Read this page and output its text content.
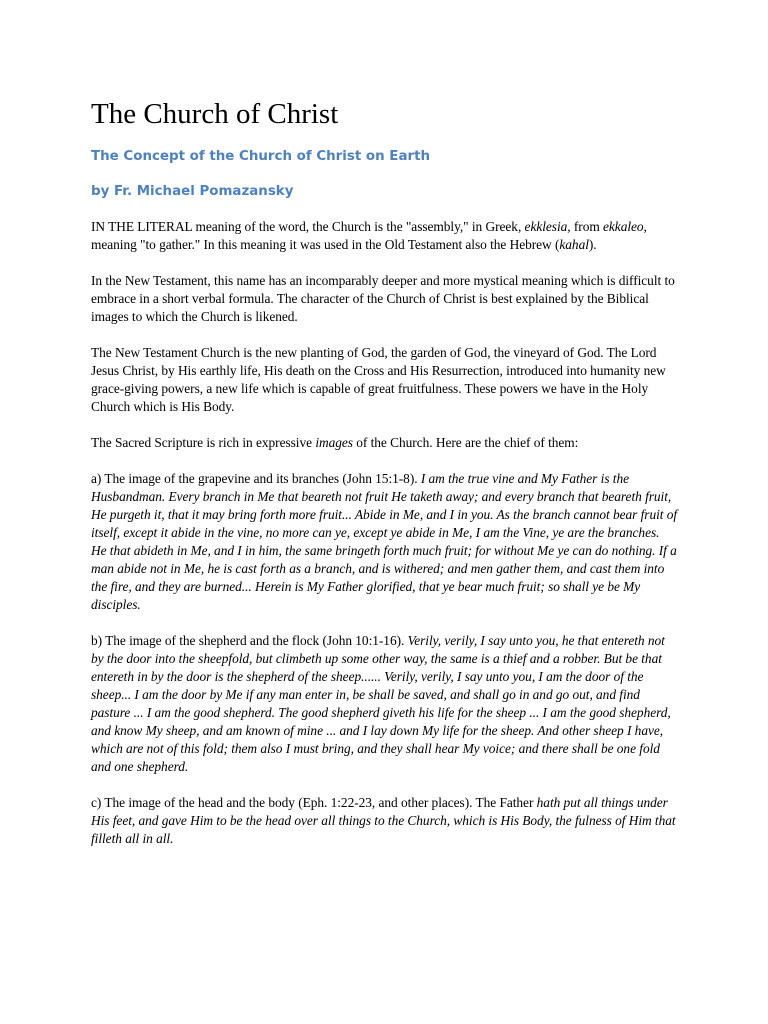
The Church of Christ
The Concept of the Church of Christ on Earth
by Fr. Michael Pomazansky

IN THE LITERAL meaning of the word, the Church is the "assembly," in Greek, ekklesia, from ekkaleo, meaning "to gather." In this meaning it was used in the Old Testament also the Hebrew (kahal).

In the New Testament, this name has an incomparably deeper and more mystical meaning which is difficult to embrace in a short verbal formula. The character of the Church of Christ is best explained by the Biblical images to which the Church is likened.

The New Testament Church is the new planting of God, the garden of God, the vineyard of God. The Lord Jesus Christ, by His earthly life, His death on the Cross and His Resurrection, introduced into humanity new grace-giving powers, a new life which is capable of great fruitfulness. These powers we have in the Holy Church which is His Body.

The Sacred Scripture is rich in expressive images of the Church. Here are the chief of them:

a) The image of the grapevine and its branches (John 15:1-8). I am the true vine and My Father is the Husbandman. Every branch in Me that beareth not fruit He taketh away; and every branch that beareth fruit, He purgeth it, that it may bring forth more fruit... Abide in Me, and I in you. As the branch cannot bear fruit of itself, except it abide in the vine, no more can ye, except ye abide in Me, I am the Vine, ye are the branches. He that abideth in Me, and I in him, the same bringeth forth much fruit; for without Me ye can do nothing. If a man abide not in Me, he is cast forth as a branch, and is withered; and men gather them, and cast them into the fire, and they are burned... Herein is My Father glorified, that ye bear much fruit; so shall ye be My disciples.

b) The image of the shepherd and the flock (John 10:1-16). Verily, verily, I say unto you, he that entereth not by the door into the sheepfold, but climbeth up some other way, the same is a thief and a robber. But be that entereth in by the door is the shepherd of the sheep...... Verily, verily, I say unto you, I am the door of the sheep... I am the door by Me if any man enter in, be shall be saved, and shall go in and go out, and find pasture ... I am the good shepherd. The good shepherd giveth his life for the sheep ... I am the good shepherd, and know My sheep, and am known of mine ... and I lay down My life for the sheep. And other sheep I have, which are not of this fold; them also I must bring, and they shall hear My voice; and there shall be one fold and one shepherd.

c) The image of the head and the body (Eph. 1:22-23, and other places). The Father hath put all things under His feet, and gave Him to be the head over all things to the Church, which is His Body, the fulness of Him that filleth all in all.
